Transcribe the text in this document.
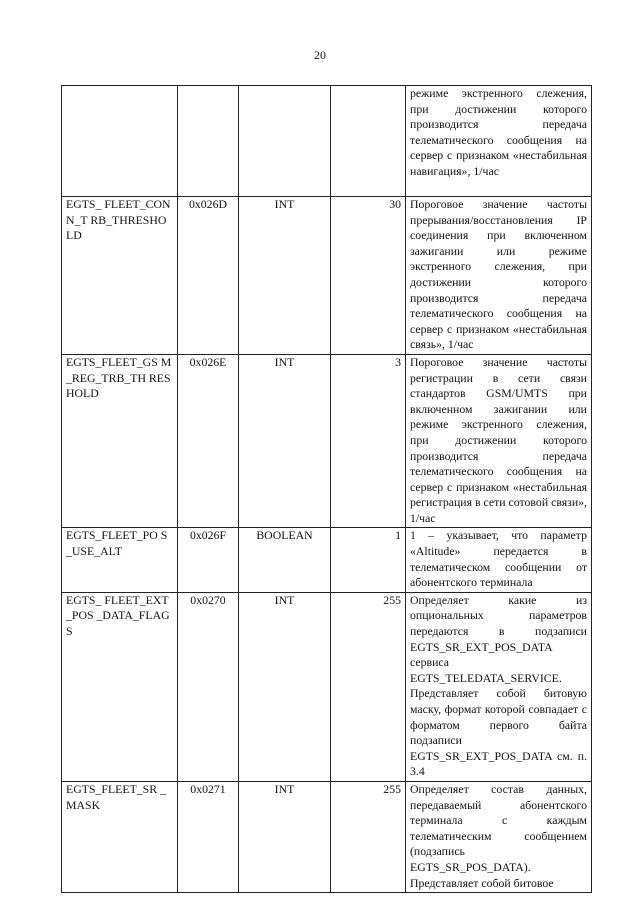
20
				режиме экстренного слежения, при достижении которого производится передача телематического сообщения на сервер с признаком «нестабильная навигация», 1/час
EGTS_ FLEET_CONN_T RB_THRESHOLD	0x026D	INT	30	Пороговое значение частоты прерывания/восстановления IP соединения при включенном зажигании или режиме экстренного слежения, при достижении которого производится передача телематического сообщения на сервер с признаком «нестабильная связь», 1/час
EGTS_FLEET_GS M_REG_TRB_TH RESHOLD	0x026E	INT	3	Пороговое значение частоты регистрации в сети связи стандартов GSM/UMTS при включенном зажигании или режиме экстренного слежения, при достижении которого производится передача телематического сообщения на сервер с признаком «нестабильная регистрация в сети сотовой связи», 1/час
EGTS_FLEET_PO S_USE_ALT	0x026F	BOOLEAN	1	1 – указывает, что параметр «Altitude» передается в телематическом сообщении от абонентского терминала
EGTS_ FLEET_EXT_POS _DATA_FLAGS	0x0270	INT	255	Определяет какие из опциональных параметров передаются в подзаписи EGTS_SR_EXT_POS_DATA сервиса EGTS_TELEDATA_SERVICE. Представляет собой битовую маску, формат которой совпадает с форматом первого байта подзаписи EGTS_SR_EXT_POS_DATA см. п. 3.4
EGTS_FLEET_SR _MASK	0x0271	INT	255	Определяет состав данных, передаваемый абонентского терминала с каждым телематическим сообщением (подзапись EGTS_SR_POS_DATA). Представляет собой битовое
